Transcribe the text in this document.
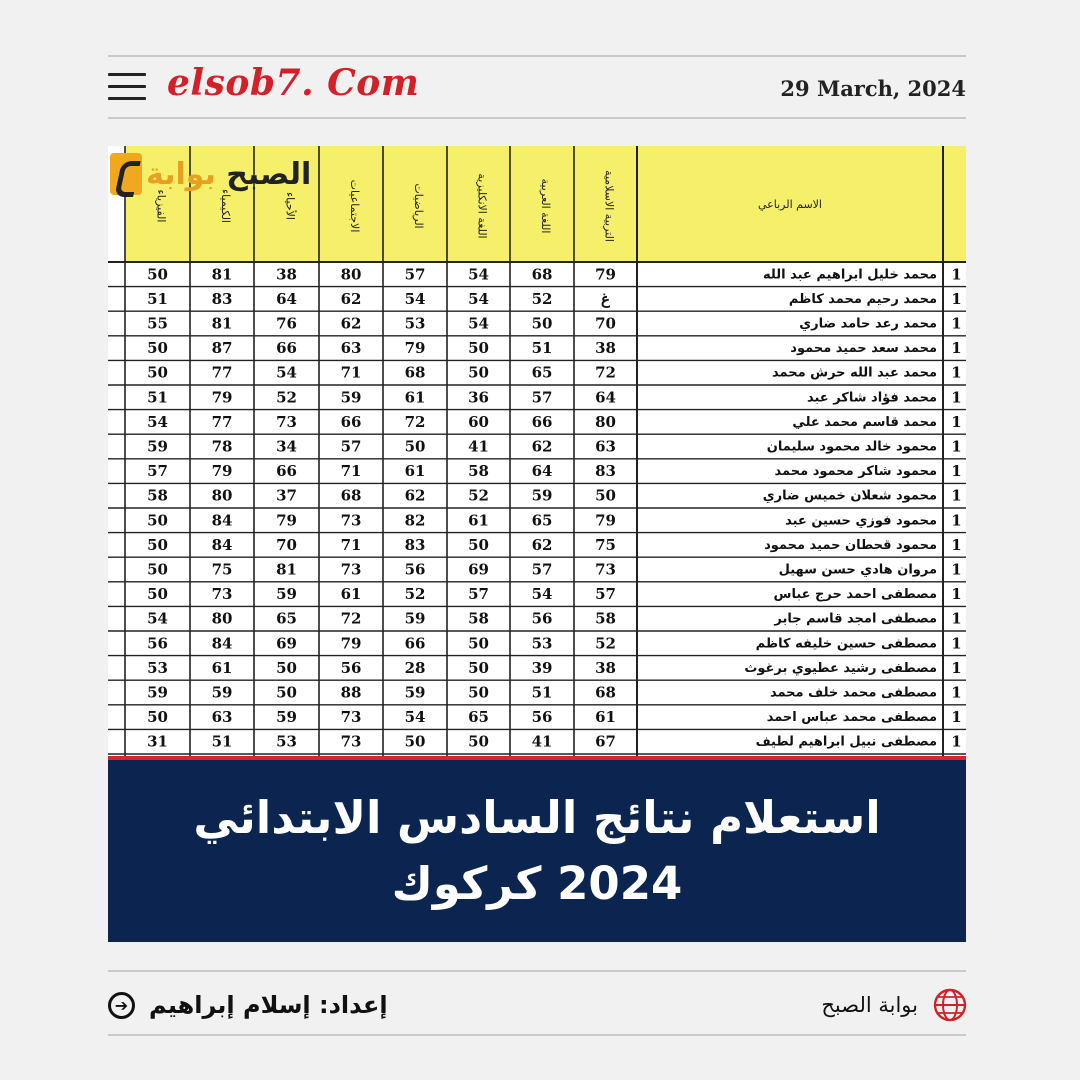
elsob7. Com	29 March, 2024
الاسم الرباعي
التربية الاسلامية
اللغة العربية
اللغة الانكليزية
الرياضيات
الاجتماعيات
الأحياء
الكيمياء
الفيزياء
1
محمد خليل ابراهيم عبد الله
79
68
54
57
80
38
81
50
1
محمد رحيم محمد كاظم
غ
52
54
54
62
64
83
51
1
محمد رعد حامد ضاري
70
50
54
53
62
76
81
55
1
محمد سعد حميد محمود
38
51
50
79
63
66
87
50
1
محمد عبد الله حرش محمد
72
65
50
68
71
54
77
50
1
محمد فؤاد شاكر عبد
64
57
36
61
59
52
79
51
1
محمد قاسم محمد علي
80
66
60
72
66
73
77
54
1
محمود خالد محمود سليمان
63
62
41
50
57
34
78
59
1
محمود شاكر محمود محمد
83
64
58
61
71
66
79
57
1
محمود شعلان خميس ضاري
50
59
52
62
68
37
80
58
1
محمود فوزي حسين عبد
79
65
61
82
73
79
84
50
1
محمود قحطان حميد محمود
75
62
50
83
71
70
84
50
1
مروان هادي حسن سهيل
73
57
69
56
73
81
75
50
1
مصطفى احمد حرج عباس
57
54
57
52
61
59
73
50
1
مصطفى امجد قاسم جابر
58
56
58
59
72
65
80
54
1
مصطفى حسين خليفه كاظم
52
53
50
66
79
69
84
56
1
مصطفى رشيد عطيوي برغوث
38
39
50
28
56
50
61
53
1
مصطفى محمد خلف محمد
68
51
50
59
88
50
59
59
1
مصطفى محمد عباس احمد
61
56
65
54
73
59
63
50
1
مصطفى نبيل ابراهيم لطيف
67
41
50
50
73
53
51
31
الصبح بوابة
استعلام نتائج السادس الابتدائي
2024 كركوك
➔ إعداد: إسلام إبراهيم	بوابة الصبح
